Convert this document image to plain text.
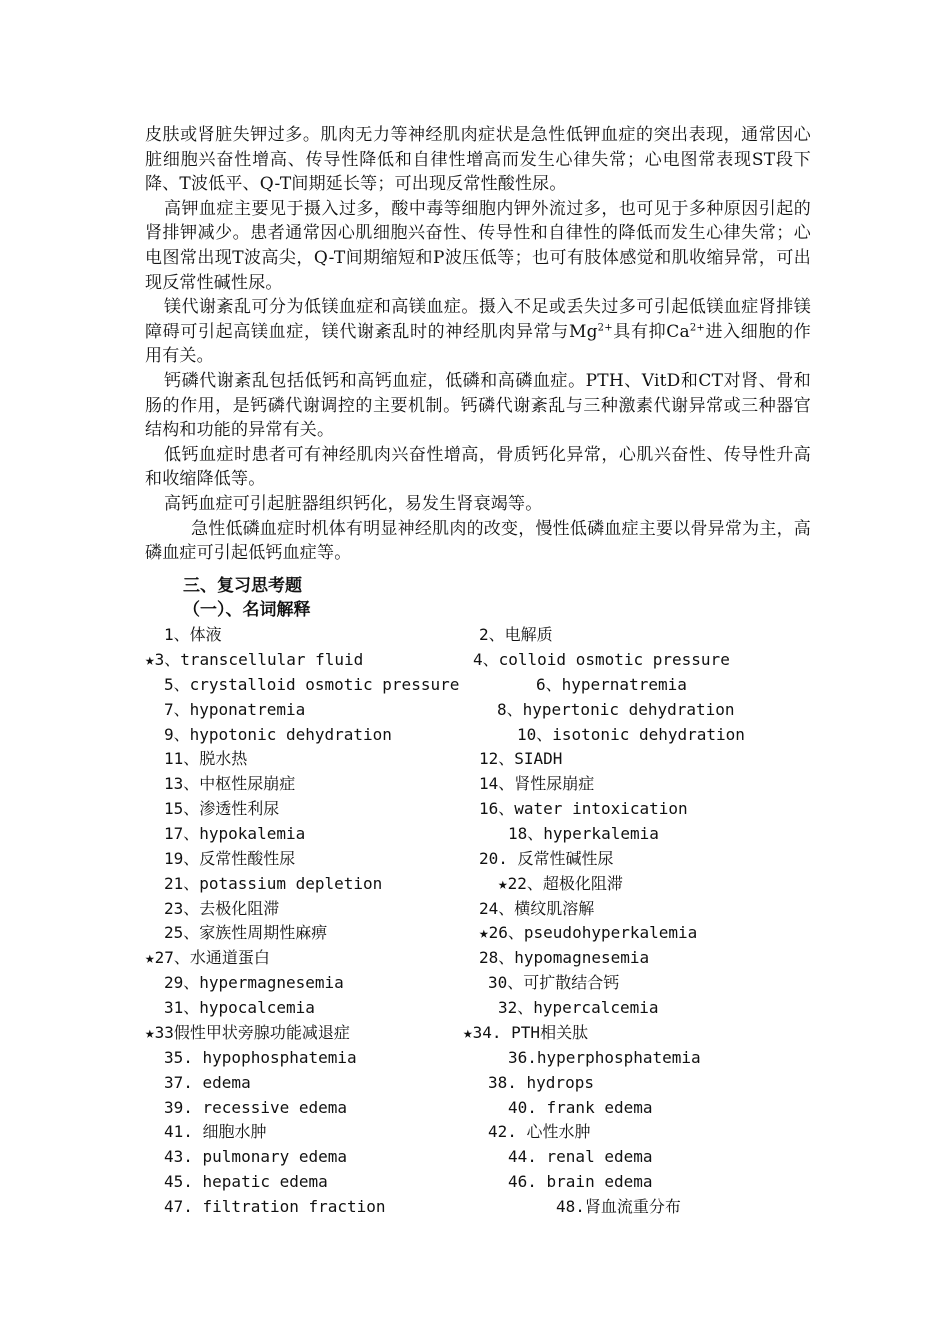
皮肤或肾脏失钾过多。肌肉无力等神经肌肉症状是急性低钾血症的突出表现，通常因心脏细胞兴奋性增高、传导性降低和自律性增高而发生心律失常；心电图常表现ST段下降、T波低平、Q-T间期延长等；可出现反常性酸性尿。

高钾血症主要见于摄入过多，酸中毒等细胞内钾外流过多，也可见于多种原因引起的肾排钾减少。患者通常因心肌细胞兴奋性、传导性和自律性的降低而发生心律失常；心电图常出现T波高尖，Q-T间期缩短和P波压低等；也可有肢体感觉和肌收缩异常，可出现反常性碱性尿。

镁代谢紊乱可分为低镁血症和高镁血症。摄入不足或丢失过多可引起低镁血症肾排镁障碍可引起高镁血症，镁代谢紊乱时的神经肌肉异常与$Mg^{2+}$具有抑$Ca^{2+}$进入细胞的作用有关。

钙磷代谢紊乱包括低钙和高钙血症，低磷和高磷血症。PTH、VitD和CT对肾、骨和肠的作用，是钙磷代谢调控的主要机制。钙磷代谢紊乱与三种激素代谢异常或三种器官结构和功能的异常有关。

低钙血症时患者可有神经肌肉兴奋性增高，骨质钙化异常，心肌兴奋性、传导性升高和收缩降低等。

高钙血症可引起脏器组织钙化，易发生肾衰竭等。

急性低磷血症时机体有明显神经肌肉的改变，慢性低磷血症主要以骨异常为主，高磷血症可引起低钙血症等。

三、复习思考题
（一）、名词解释
1、体液	2、电解质
★3、transcellular fluid	4、colloid osmotic pressure
5、crystalloid osmotic pressure	6、hypernatremia
7、hyponatremia	8、hypertonic dehydration
9、hypotonic dehydration	10、isotonic dehydration
11、脱水热	12、SIADH
13、中枢性尿崩症	14、肾性尿崩症
15、渗透性利尿	16、water intoxication
17、hypokalemia	18、hyperkalemia
19、反常性酸性尿	20. 反常性碱性尿
21、potassium depletion	★22、超极化阻滞
23、去极化阻滞	24、横纹肌溶解
25、家族性周期性麻痹	★26、pseudohyperkalemia
★27、水通道蛋白	28、hypomagnesemia
29、hypermagnesemia	30、可扩散结合钙
31、hypocalcemia	32、hypercalcemia
★33假性甲状旁腺功能减退症	★34. PTH相关肽
35. hypophosphatemia	36.hyperphosphatemia
37. edema	38. hydrops
39. recessive edema	40. frank edema
41. 细胞水肿	42. 心性水肿
43. pulmonary edema	44. renal edema
45. hepatic edema	46. brain edema
47. filtration fraction	48.肾血流重分布
